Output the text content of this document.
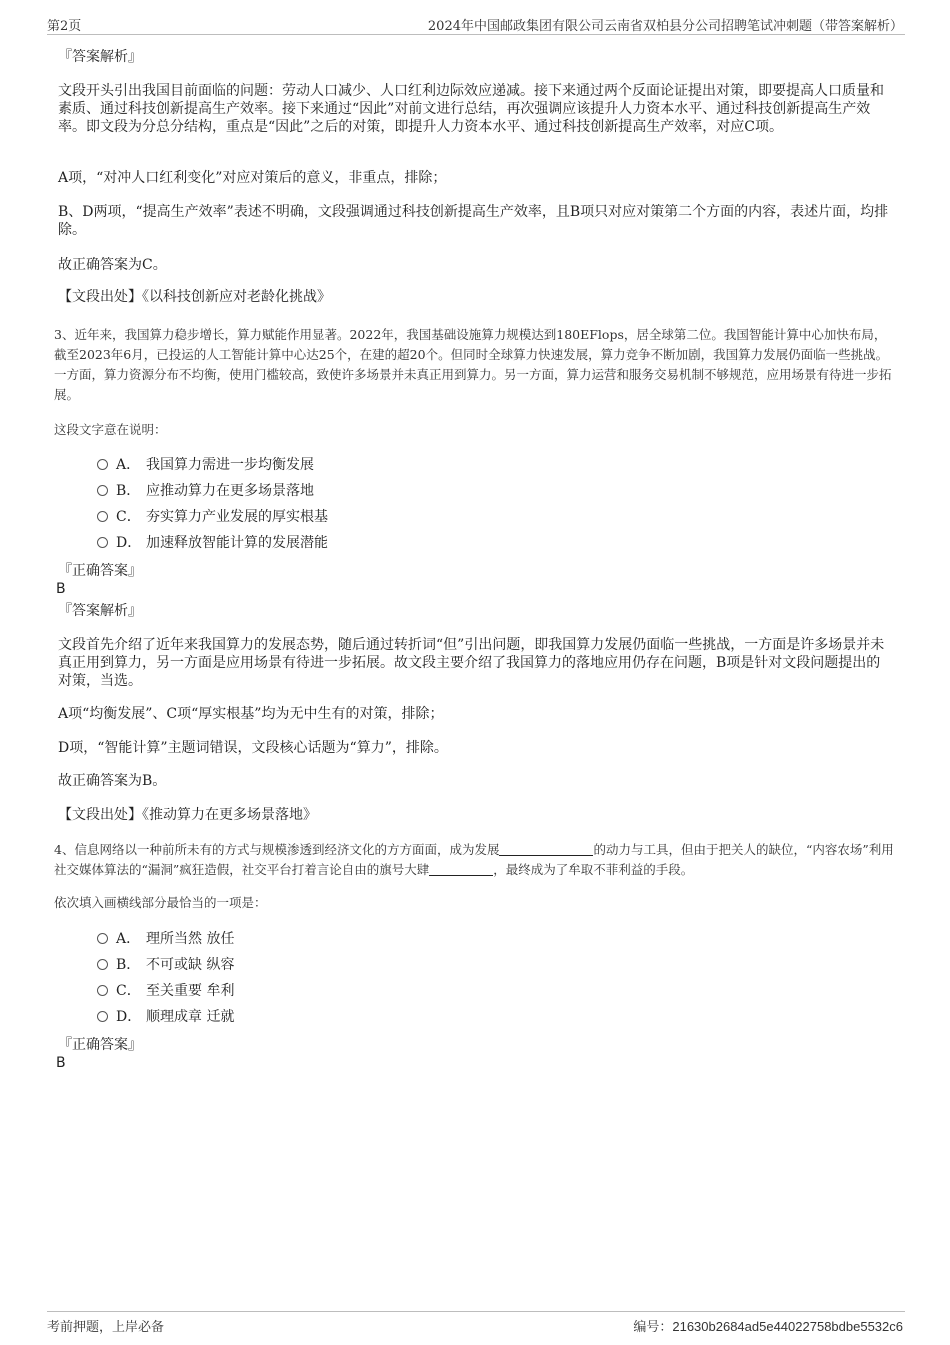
第2页	2024年中国邮政集团有限公司云南省双柏县分公司招聘笔试冲刺题（带答案解析）
『答案解析』
文段开头引出我国目前面临的问题：劳动人口减少、人口红利边际效应递减。接下来通过两个反面论证提出对策，即要提高人口质量和素质、通过科技创新提高生产效率。接下来通过“因此”对前文进行总结，再次强调应该提升人力资本水平、通过科技创新提高生产效率。即文段为分总分结构，重点是“因此”之后的对策，即提升人力资本水平、通过科技创新提高生产效率，对应C项。
A项，“对冲人口红利变化”对应对策后的意义，非重点，排除；
B、D两项，“提高生产效率”表述不明确，文段强调通过科技创新提高生产效率，且B项只对应对策第二个方面的内容，表述片面，均排除。
故正确答案为C。
【文段出处】《以科技创新应对老龄化挑战》
3、近年来，我国算力稳步增长，算力赋能作用显著。2022年，我国基础设施算力规模达到180EFlops，居全球第二位。我国智能计算中心加快布局，截至2023年6月，已投运的人工智能计算中心达25个，在建的超20个。但同时全球算力快速发展，算力竞争不断加剧，我国算力发展仍面临一些挑战。一方面，算力资源分布不均衡，使用门槛较高，致使许多场景并未真正用到算力。另一方面，算力运营和服务交易机制不够规范，应用场景有待进一步拓展。
这段文字意在说明：
A． 我国算力需进一步均衡发展
B． 应推动算力在更多场景落地
C． 夯实算力产业发展的厚实根基
D． 加速释放智能计算的发展潜能
『正确答案』
B
『答案解析』
文段首先介绍了近年来我国算力的发展态势，随后通过转折词“但”引出问题，即我国算力发展仍面临一些挑战，一方面是许多场景并未真正用到算力，另一方面是应用场景有待进一步拓展。故文段主要介绍了我国算力的落地应用仍存在问题，B项是针对文段问题提出的对策，当选。
A项“均衡发展”、C项“厚实根基”均为无中生有的对策，排除；
D项，“智能计算”主题词错误，文段核心话题为“算力”，排除。
故正确答案为B。
【文段出处】《推动算力在更多场景落地》
4、信息网络以一种前所未有的方式与规模渗透到经济文化的方方面面，成为发展	的动力与工具，但由于把关人的缺位，“内容农场”利用社交媒体算法的“漏洞”疯狂造假，社交平台打着言论自由的旗号大肆	，最终成为了牟取不菲利益的手段。
依次填入画横线部分最恰当的一项是：
A． 理所当然 放任
B． 不可或缺 纵容
C． 至关重要 牟利
D． 顺理成章 迁就
『正确答案』
B
考前押题，上岸必备	编号：21630b2684ad5e44022758bdbe5532c6
